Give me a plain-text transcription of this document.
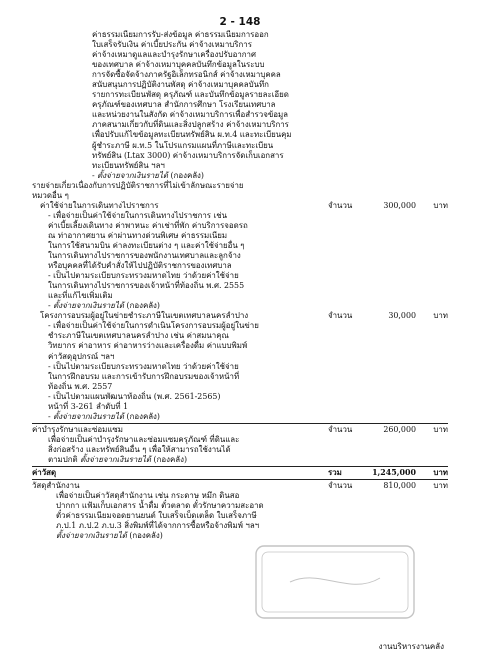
2 - 148
ค่าธรรมเนียมการรับ-ส่งข้อมูล ค่าธรรมเนียมการออก
ใบเสร็จรับเงิน ค่าเบี้ยประกัน ค่าจ้างเหมาบริการ
ค่าจ้างเหมาดูแลและบำรุงรักษาเครื่องปรับอากาศ
ของเทศบาล ค่าจ้างเหมาบุคคลบันทึกข้อมูลในระบบ
การจัดซื้อจัดจ้างภาครัฐอิเล็กทรอนิกส์ ค่าจ้างเหมาบุคคล
สนับสนุนการปฏิบัติงานพัสดุ ค่าจ้างเหมาบุคคลบันทึก
รายการทะเบียนพัสดุ ครุภัณฑ์ และบันทึกข้อมูลรายละเอียด
ครุภัณฑ์ของเทศบาล สำนักการศึกษา โรงเรียนเทศบาล
และหน่วยงานในสังกัด ค่าจ้างเหมาบริการเพื่อสำรวจข้อมูล
ภาคสนามเกี่ยวกับที่ดินและสิ่งปลูกสร้าง ค่าจ้างเหมาบริการ
เพื่อปรับแก้ไขข้อมูลทะเบียนทรัพย์สิน ผ.ท.4 และทะเบียนคุม
ผู้ชำระภาษี ผ.ท.5 ในโปรแกรมแผนที่ภาษีและทะเบียน
ทรัพย์สิน (Ltax 3000) ค่าจ้างเหมาบริการจัดเก็บเอกสาร
ทะเบียนทรัพย์สิน ฯลฯ
- ตั้งจ่ายจากเงินรายได้ (กองคลัง)
รายจ่ายเกี่ยวเนื่องกับการปฏิบัติราชการที่ไม่เข้าลักษณะรายจ่าย
หมวดอื่น ๆ
ค่าใช้จ่ายในการเดินทางไปราชการ	จำนวน	300,000 บาท
- เพื่อจ่ายเป็นค่าใช้จ่ายในการเดินทางไปราชการ เช่น
ค่าเบี้ยเลี้ยงเดินทาง ค่าพาหนะ ค่าเช่าที่พัก ค่าบริการจอดรถ
ณ ท่าอากาศยาน ค่าผ่านทางด่วนพิเศษ ค่าธรรมเนียม
ในการใช้สนามบิน ค่าลงทะเบียนต่าง ๆ และค่าใช้จ่ายอื่น ๆ
ในการเดินทางไปราชการของพนักงานเทศบาลและลูกจ้าง
หรือบุคคลที่ได้รับคำสั่งให้ไปปฏิบัติราชการของเทศบาล
- เป็นไปตามระเบียบกระทรวงมหาดไทย ว่าด้วยค่าใช้จ่าย
ในการเดินทางไปราชการของเจ้าหน้าที่ท้องถิ่น พ.ศ. 2555
และที่แก้ไขเพิ่มเติม
- ตั้งจ่ายจากเงินรายได้ (กองคลัง)
โครงการอบรมผู้อยู่ในข่ายชำระภาษีในเขตเทศบาลนครลำปาง	จำนวน	30,000 บาท
- เพื่อจ่ายเป็นค่าใช้จ่ายในการดำเนินโครงการอบรมผู้อยู่ในข่าย
ชำระภาษีในเขตเทศบาลนครลำปาง เช่น ค่าสมนาคุณ
วิทยากร ค่าอาหาร ค่าอาหารว่างและเครื่องดื่ม ค่าแบบพิมพ์
ค่าวัสดุอุปกรณ์ ฯลฯ
- เป็นไปตามระเบียบกระทรวงมหาดไทย ว่าด้วยค่าใช้จ่าย
ในการฝึกอบรม และการเข้ารับการฝึกอบรมของเจ้าหน้าที่
ท้องถิ่น พ.ศ. 2557
- เป็นไปตามแผนพัฒนาท้องถิ่น (พ.ศ. 2561-2565)
หน้าที่ 3-261 ลำดับที่ 1
- ตั้งจ่ายจากเงินรายได้ (กองคลัง)
ค่าบำรุงรักษาและซ่อมแซม	จำนวน	260,000 บาท
เพื่อจ่ายเป็นค่าบำรุงรักษาและซ่อมแซมครุภัณฑ์ ที่ดินและ
สิ่งก่อสร้าง และทรัพย์สินอื่น ๆ เพื่อให้สามารถใช้งานได้
ตามปกติ ตั้งจ่ายจากเงินรายได้ (กองคลัง)
ค่าวัสดุ	รวม	1,245,000 บาท
วัสดุสำนักงาน	จำนวน	810,000 บาท
เพื่อจ่ายเป็นค่าวัสดุสำนักงาน เช่น กระดาษ หมึก ดินสอ
ปากกา แฟ้มเก็บเอกสาร น้ำดื่ม ตั๋วตลาด ตั๋วรักษาความสะอาด
ตั๋วค่าธรรมเนียมจอดยานยนต์ ใบเสร็จเบ็ดเตล็ด ใบเสร็จภาษี
ภ.ป.1 ภ.ป.2 ภ.บ.3 สิ่งพิมพ์ที่ได้จากการซื้อหรือจ้างพิมพ์ ฯลฯ
ตั้งจ่ายจากเงินรายได้ (กองคลัง)
งานบริหารงานคลัง
